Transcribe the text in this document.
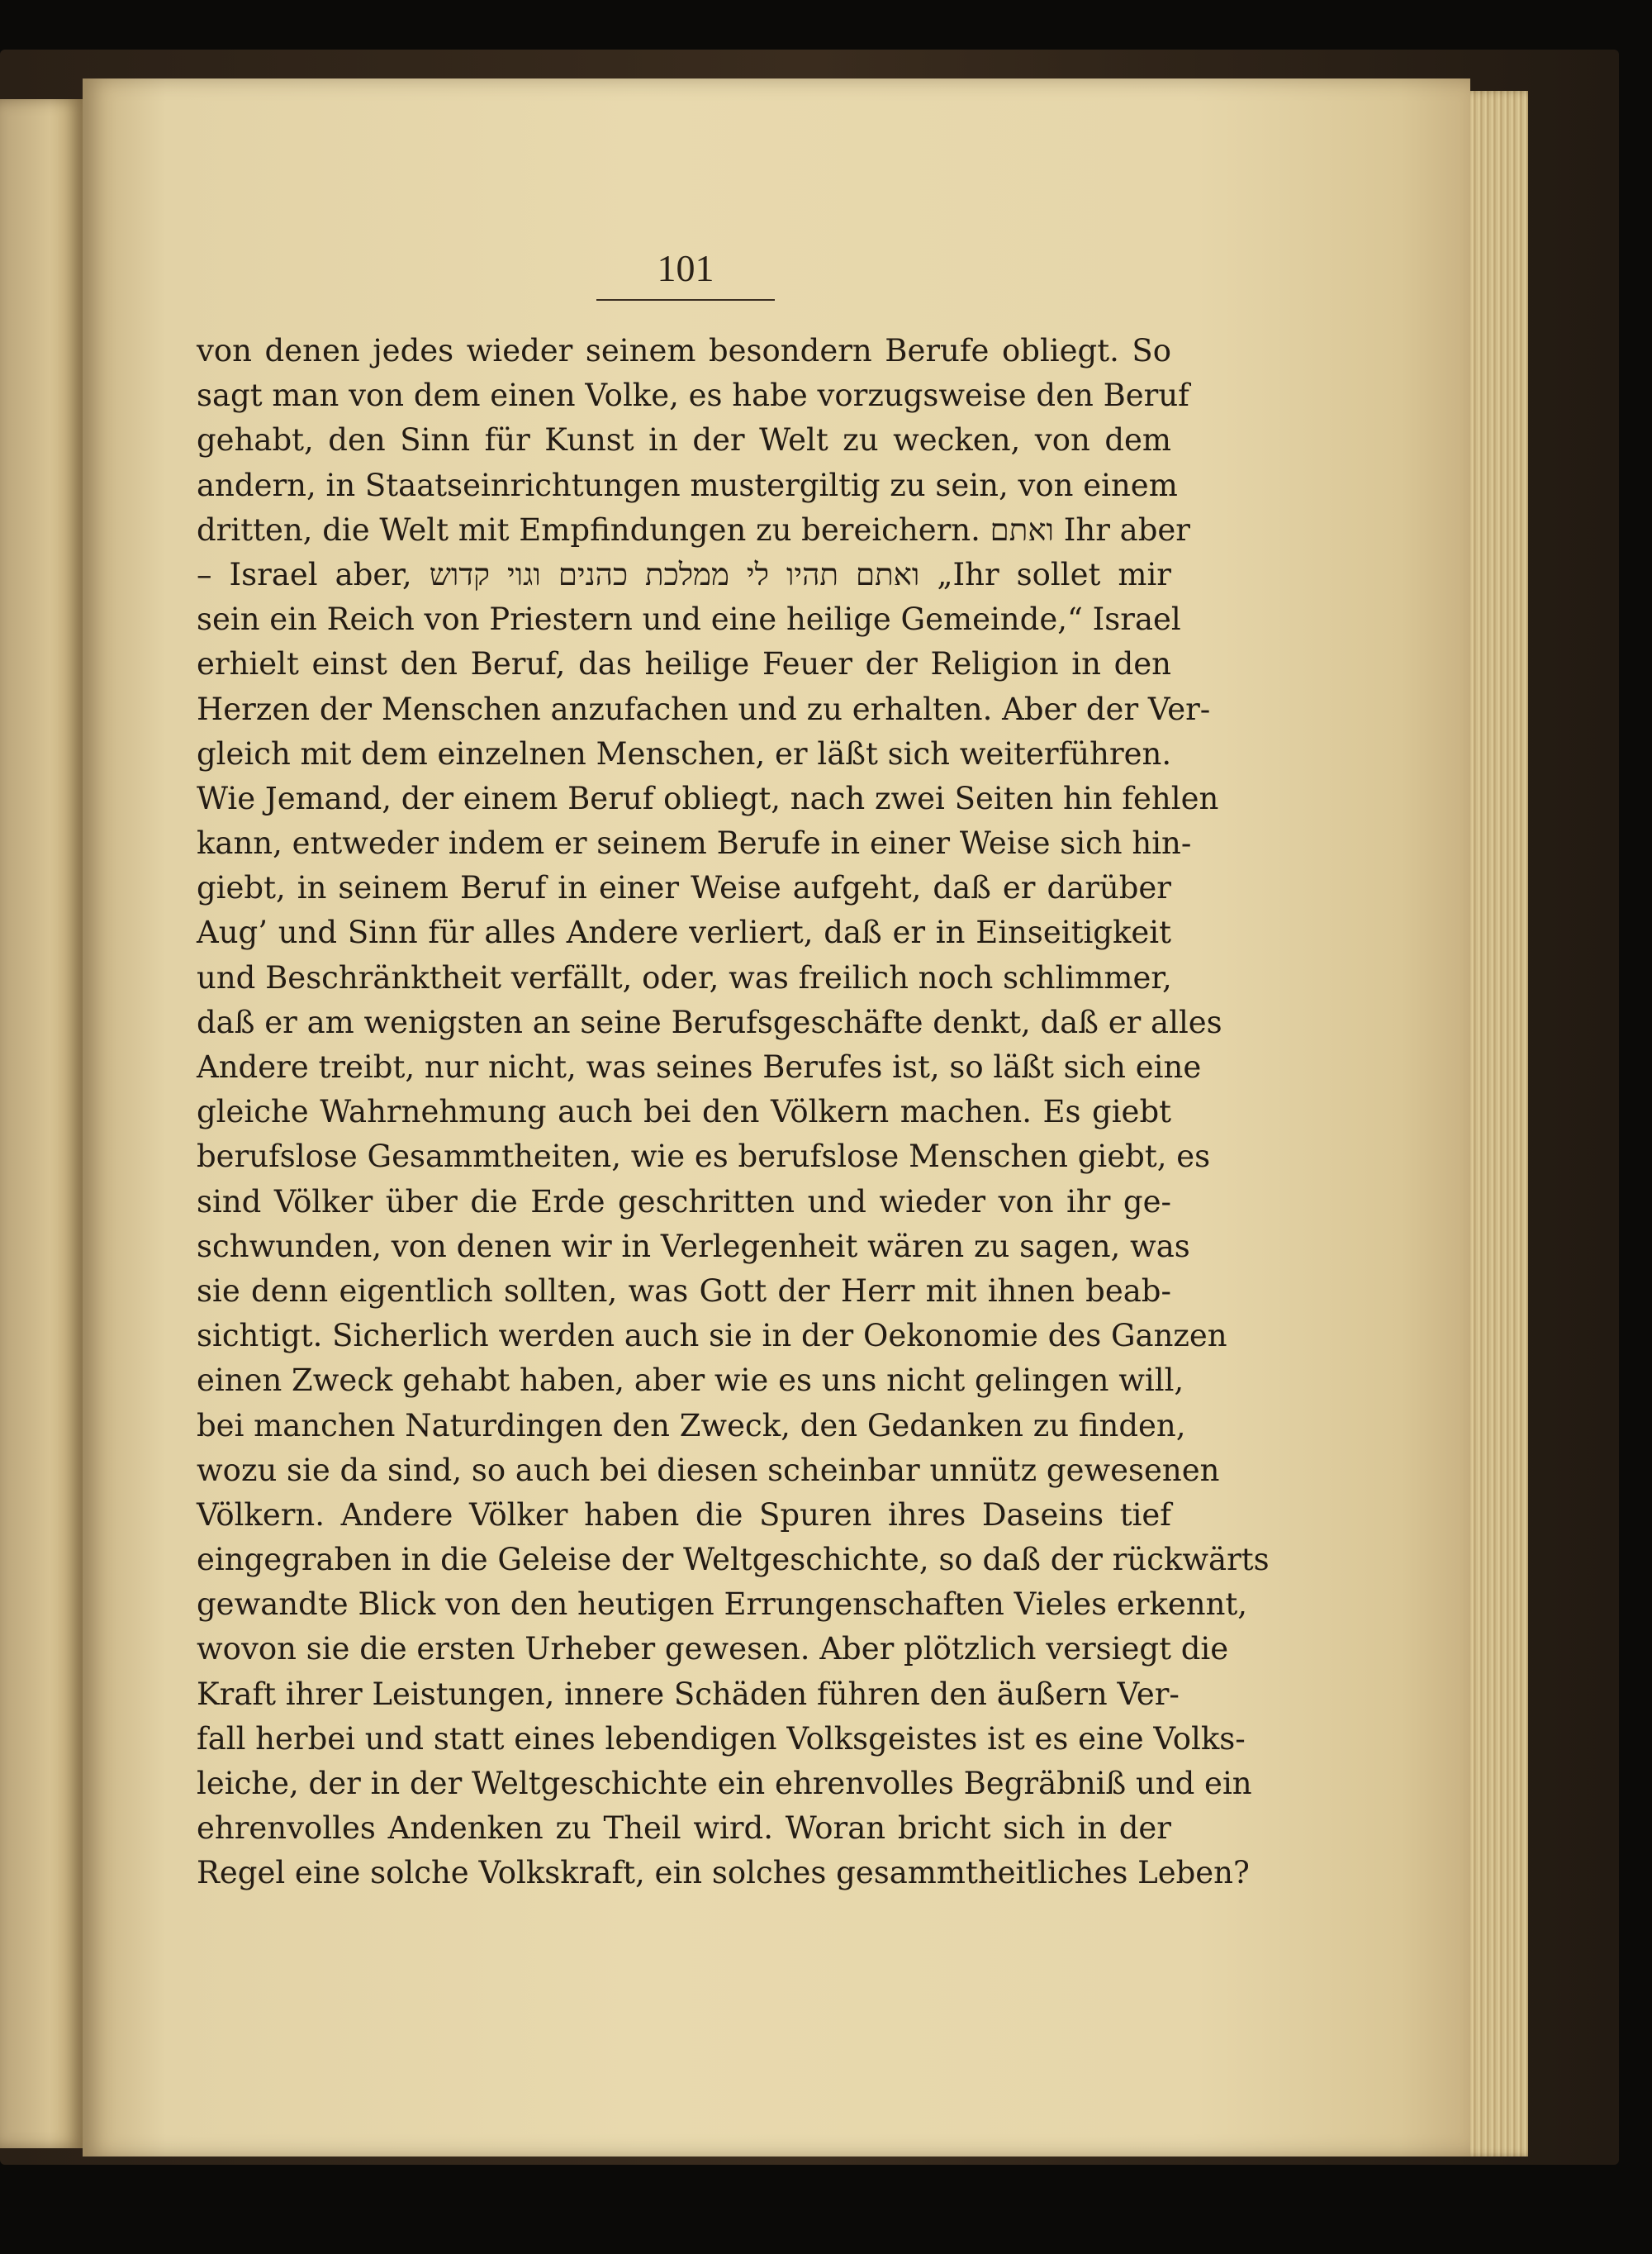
101
von denen jedes wieder seinem besondern Berufe obliegt. So
sagt man von dem einen Volke, es habe vorzugsweise den Beruf
gehabt, den Sinn für Kunst in der Welt zu wecken, von dem
andern, in Staatseinrichtungen mustergiltig zu sein, von einem
dritten, die Welt mit Empfindungen zu bereichern. ואתם Ihr aber
– Israel aber, ואתם תהיו לי ממלכת כהנים וגוי קדוש „Ihr sollet mir
sein ein Reich von Priestern und eine heilige Gemeinde,“ Israel
erhielt einst den Beruf, das heilige Feuer der Religion in den
Herzen der Menschen anzufachen und zu erhalten. Aber der Ver-
gleich mit dem einzelnen Menschen, er läßt sich weiterführen.
Wie Jemand, der einem Beruf obliegt, nach zwei Seiten hin fehlen
kann, entweder indem er seinem Berufe in einer Weise sich hin-
giebt, in seinem Beruf in einer Weise aufgeht, daß er darüber
Aug’ und Sinn für alles Andere verliert, daß er in Einseitigkeit
und Beschränktheit verfällt, oder, was freilich noch schlimmer,
daß er am wenigsten an seine Berufsgeschäfte denkt, daß er alles
Andere treibt, nur nicht, was seines Berufes ist, so läßt sich eine
gleiche Wahrnehmung auch bei den Völkern machen. Es giebt
berufslose Gesammtheiten, wie es berufslose Menschen giebt, es
sind Völker über die Erde geschritten und wieder von ihr ge-
schwunden, von denen wir in Verlegenheit wären zu sagen, was
sie denn eigentlich sollten, was Gott der Herr mit ihnen beab-
sichtigt. Sicherlich werden auch sie in der Oekonomie des Ganzen
einen Zweck gehabt haben, aber wie es uns nicht gelingen will,
bei manchen Naturdingen den Zweck, den Gedanken zu finden,
wozu sie da sind, so auch bei diesen scheinbar unnütz gewesenen
Völkern. Andere Völker haben die Spuren ihres Daseins tief
eingegraben in die Geleise der Weltgeschichte, so daß der rückwärts
gewandte Blick von den heutigen Errungenschaften Vieles erkennt,
wovon sie die ersten Urheber gewesen. Aber plötzlich versiegt die
Kraft ihrer Leistungen, innere Schäden führen den äußern Ver-
fall herbei und statt eines lebendigen Volksgeistes ist es eine Volks-
leiche, der in der Weltgeschichte ein ehrenvolles Begräbniß und ein
ehrenvolles Andenken zu Theil wird. Woran bricht sich in der
Regel eine solche Volkskraft, ein solches gesammtheitliches Leben?
